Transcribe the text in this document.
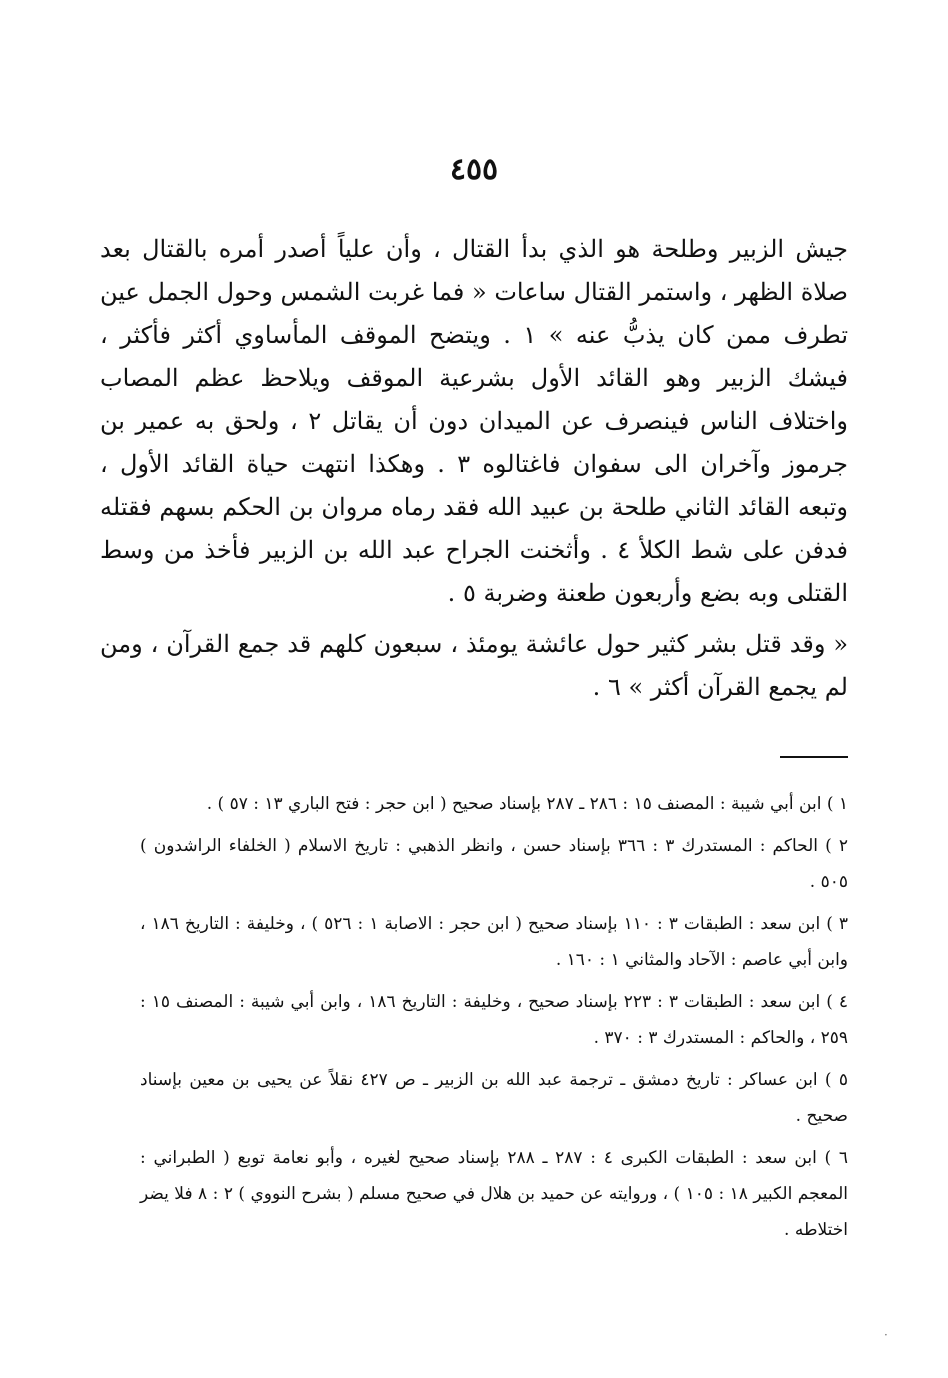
٤٥٥

جيش الزبير وطلحة هو الذي بدأ القتال ، وأن علياً أصدر أمره بالقتال بعد صلاة الظهر ، واستمر القتال ساعات « فما غربت الشمس وحول الجمل عين تطرف ممن كان يذبُّ عنه » ١ . ويتضح الموقف المأساوي أكثر فأكثر ، فيشك الزبير وهو القائد الأول بشرعية الموقف ويلاحظ عظم المصاب واختلاف الناس فينصرف عن الميدان دون أن يقاتل ٢ ، ولحق به عمير بن جرموز وآخران الى سفوان فاغتالوه ٣ . وهكذا انتهت حياة القائد الأول ، وتبعه القائد الثاني طلحة بن عبيد الله فقد رماه مروان بن الحكم بسهم فقتله فدفن على شط الكلأ ٤ . وأثخنت الجراح عبد الله بن الزبير فأخذ من وسط القتلى وبه بضع وأربعون طعنة وضربة ٥ .

« وقد قتل بشر كثير حول عائشة يومئذ ، سبعون كلهم قد جمع القرآن ، ومن لم يجمع القرآن أكثر » ٦ .

١ ) ابن أبي شيبة : المصنف ١٥ : ٢٨٦ ـ ٢٨٧ بإسناد صحيح ( ابن حجر : فتح الباري ١٣ : ٥٧ ) .

٢ ) الحاكم : المستدرك ٣ : ٣٦٦ بإسناد حسن ، وانظر الذهبي : تاريخ الاسلام ( الخلفاء الراشدون ) ٥٠٥ .

٣ ) ابن سعد : الطبقات ٣ : ١١٠ بإسناد صحيح ( ابن حجر : الاصابة ١ : ٥٢٦ ) ، وخليفة : التاريخ ١٨٦ ، وابن أبي عاصم : الآحاد والمثاني ١ : ١٦٠ .

٤ ) ابن سعد : الطبقات ٣ : ٢٢٣ بإسناد صحيح ، وخليفة : التاريخ ١٨٦ ، وابن أبي شيبة : المصنف ١٥ : ٢٥٩ ، والحاكم : المستدرك ٣ : ٣٧٠ .

٥ ) ابن عساكر : تاريخ دمشق ـ ترجمة عبد الله بن الزبير ـ ص ٤٢٧ نقلاً عن يحيى بن معين بإسناد صحيح .

٦ ) ابن سعد : الطبقات الكبرى ٤ : ٢٨٧ ـ ٢٨٨ بإسناد صحيح لغيره ، وأبو نعامة توبع ( الطبراني : المعجم الكبير ١٨ : ١٠٥ ) ، وروايته عن حميد بن هلال في صحيح مسلم ( بشرح النووي ) ٢ : ٨ فلا يضر اختلاطه .

·
